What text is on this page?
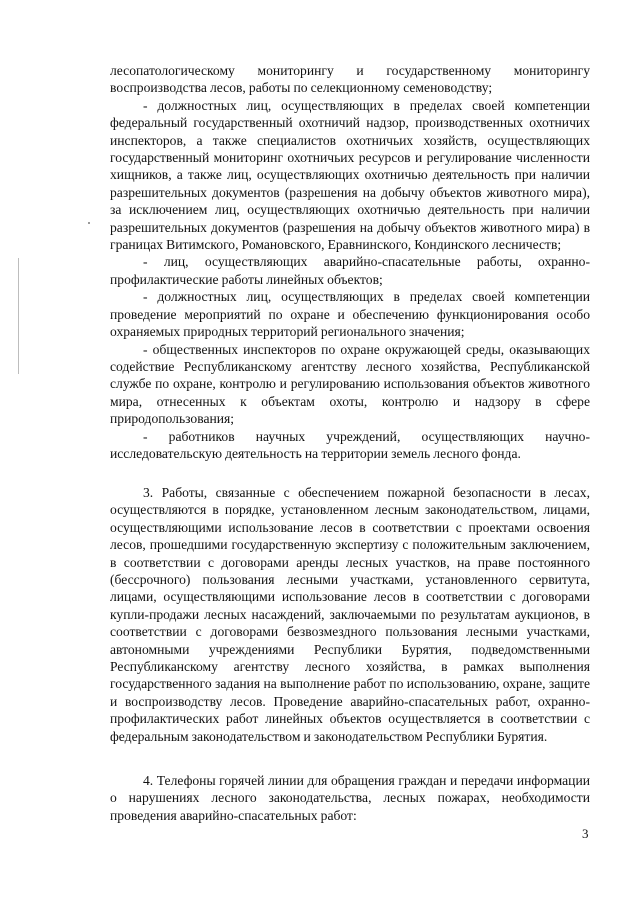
лесопатологическому мониторингу и государственному мониторингу воспроизводства лесов, работы по селекционному семеноводству;

- должностных лиц, осуществляющих в пределах своей компетенции федеральный государственный охотничий надзор, производственных охотничих инспекторов, а также специалистов охотничьих хозяйств, осуществляющих государственный мониторинг охотничьих ресурсов и регулирование численности хищников, а также лиц, осуществляющих охотничью деятельность при наличии разрешительных документов (разрешения на добычу объектов животного мира), за исключением лиц, осуществляющих охотничью деятельность при наличии разрешительных документов (разрешения на добычу объектов животного мира) в границах Витимского, Романовского, Еравнинского, Кондинского лесничеств;

- лиц, осуществляющих аварийно-спасательные работы, охранно-профилактические работы линейных объектов;

- должностных лиц, осуществляющих в пределах своей компетенции проведение мероприятий по охране и обеспечению функционирования особо охраняемых природных территорий регионального значения;

- общественных инспекторов по охране окружающей среды, оказывающих содействие Республиканскому агентству лесного хозяйства, Республиканской службе по охране, контролю и регулированию использования объектов животного мира, отнесенных к объектам охоты, контролю и надзору в сфере природопользования;

- работников научных учреждений, осуществляющих научно-исследовательскую деятельность на территории земель лесного фонда.

3. Работы, связанные с обеспечением пожарной безопасности в лесах, осуществляются в порядке, установленном лесным законодательством, лицами, осуществляющими использование лесов в соответствии с проектами освоения лесов, прошедшими государственную экспертизу с положительным заключением, в соответствии с договорами аренды лесных участков, на праве постоянного (бессрочного) пользования лесными участками, установленного сервитута, лицами, осуществляющими использование лесов в соответствии с договорами купли-продажи лесных насаждений, заключаемыми по результатам аукционов, в соответствии с договорами безвозмездного пользования лесными участками, автономными учреждениями Республики Бурятия, подведомственными Республиканскому агентству лесного хозяйства, в рамках выполнения государственного задания на выполнение работ по использованию, охране, защите и воспроизводству лесов. Проведение аварийно-спасательных работ, охранно-профилактических работ линейных объектов осуществляется в соответствии с федеральным законодательством и законодательством Республики Бурятия.

4. Телефоны горячей линии для обращения граждан и передачи информации о нарушениях лесного законодательства, лесных пожарах, необходимости проведения аварийно-спасательных работ:

3
